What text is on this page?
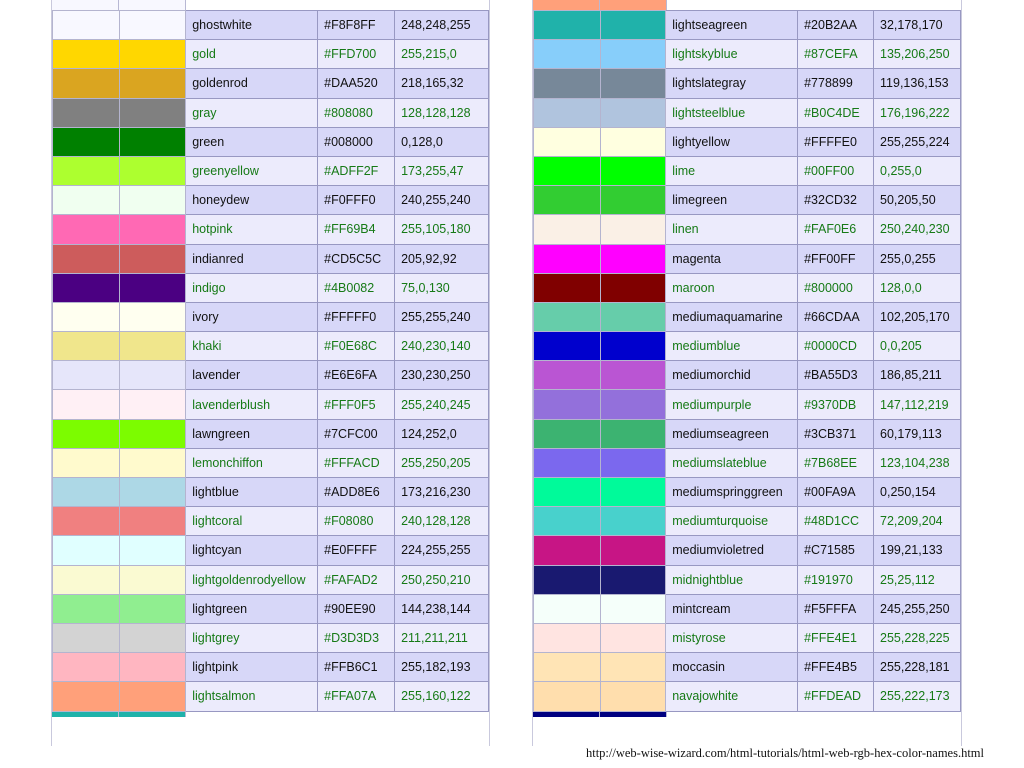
		ghostwhite	#F8F8FF	248,248,255
		gold	#FFD700	255,215,0
		goldenrod	#DAA520	218,165,32
		gray	#808080	128,128,128
		green	#008000	0,128,0
		greenyellow	#ADFF2F	173,255,47
		honeydew	#F0FFF0	240,255,240
		hotpink	#FF69B4	255,105,180
		indianred	#CD5C5C	205,92,92
		indigo	#4B0082	75,0,130
		ivory	#FFFFF0	255,255,240
		khaki	#F0E68C	240,230,140
		lavender	#E6E6FA	230,230,250
		lavenderblush	#FFF0F5	255,240,245
		lawngreen	#7CFC00	124,252,0
		lemonchiffon	#FFFACD	255,250,205
		lightblue	#ADD8E6	173,216,230
		lightcoral	#F08080	240,128,128
		lightcyan	#E0FFFF	224,255,255
		lightgoldenrodyellow	#FAFAD2	250,250,210
		lightgreen	#90EE90	144,238,144
		lightgrey	#D3D3D3	211,211,211
		lightpink	#FFB6C1	255,182,193
		lightsalmon	#FFA07A	255,160,122
		lightseagreen	#20B2AA	32,178,170
		lightskyblue	#87CEFA	135,206,250
		lightslategray	#778899	119,136,153
		lightsteelblue	#B0C4DE	176,196,222
		lightyellow	#FFFFE0	255,255,224
		lime	#00FF00	0,255,0
		limegreen	#32CD32	50,205,50
		linen	#FAF0E6	250,240,230
		magenta	#FF00FF	255,0,255
		maroon	#800000	128,0,0
		mediumaquamarine	#66CDAA	102,205,170
		mediumblue	#0000CD	0,0,205
		mediumorchid	#BA55D3	186,85,211
		mediumpurple	#9370DB	147,112,219
		mediumseagreen	#3CB371	60,179,113
		mediumslateblue	#7B68EE	123,104,238
		mediumspringgreen	#00FA9A	0,250,154
		mediumturquoise	#48D1CC	72,209,204
		mediumvioletred	#C71585	199,21,133
		midnightblue	#191970	25,25,112
		mintcream	#F5FFFA	245,255,250
		mistyrose	#FFE4E1	255,228,225
		moccasin	#FFE4B5	255,228,181
		navajowhite	#FFDEAD	255,222,173
http://web-wise-wizard.com/html-tutorials/html-web-rgb-hex-color-names.html
